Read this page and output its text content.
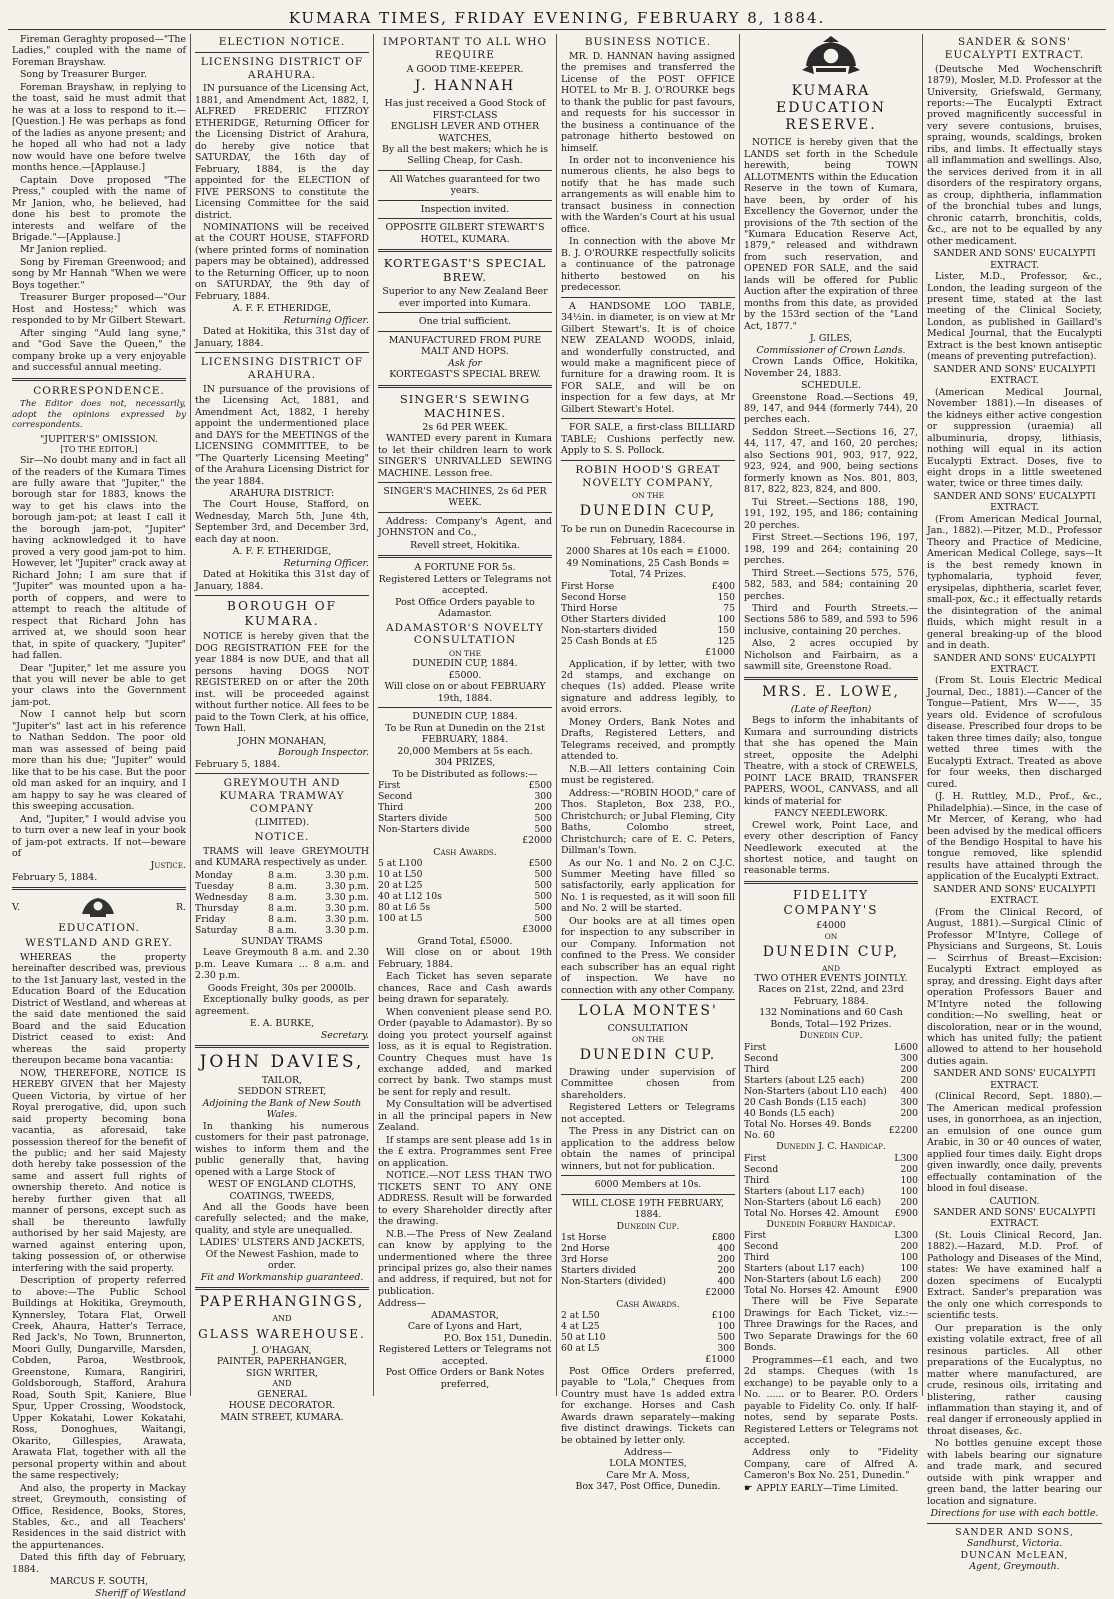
KUMARA TIMES, FRIDAY EVENING, FEBRUARY 8, 1884.

Fireman Geraghty proposed—"The Ladies," coupled with the name of Foreman Brayshaw.

Song by Treasurer Burger.

Foreman Brayshaw, in replying to the toast, said he must admit that he was at a loss to respond to it.—[Question.] He was perhaps as fond of the ladies as anyone present; and he hoped all who had not a lady now would have one before twelve months hence.—[Applause.]

Captain Dove proposed "The Press," coupled with the name of Mr Janion, who, he believed, had done his best to promote the interests and welfare of the Brigade."—[Applause.]

Mr Janion replied.

Song by Fireman Greenwood; and song by Mr Hannah "When we were Boys together."

Treasurer Burger proposed—"Our Host and Hostess;" which was responded to by Mr Gilbert Stewart.

After singing "Auld lang syne," and "God Save the Queen," the company broke up a very enjoyable and successful annual meeting.

CORRESPONDENCE.

The Editor does not, necessarily, adopt the opinions expressed by correspondents.

"JUPITER'S" OMISSION.
[TO THE EDITOR.]

Sir—No doubt many and in fact all of the readers of the Kumara Times are fully aware that "Jupiter," the borough star for 1883, knows the way to get his claws into the borough jam-pot; at least I call it the borough jam-pot, "Jupiter" having acknowledged it to have proved a very good jam-pot to him. However, let "Jupiter" crack away at Richard John; I am sure that if "Jupiter" was mounted upon a ha-porth of coppers, and were to attempt to reach the altitude of respect that Richard John has arrived at, we should soon hear that, in spite of quackery, "Jupiter" had fallen.

Dear "Jupiter," let me assure you that you will never be able to get your claws into the Government jam-pot.

Now I cannot help but scorn "Jupiter's" last act in his reference to Nathan Seddon. The poor old man was assessed of being paid more than his due; "Jupiter" would like that to be his case. But the poor old man asked for an inquiry, and I am happy to say he was cleared of this sweeping accusation.

And, "Jupiter," I would advise you to turn over a new leaf in your book of jam-pot extracts. If not—beware of

Justice.
February 5, 1884.
V.	R.
EDUCATION.
WESTLAND AND GREY.

WHEREAS the property hereinafter described was, previous to the 1st January last, vested in the Education Board of the Education District of Westland, and whereas at the said date mentioned the said Board and the said Education District ceased to exist: And whereas the said property thereupon became bona vacantia:

NOW, THEREFORE, NOTICE IS HEREBY GIVEN that her Majesty Queen Victoria, by virtue of her Royal prerogative, did, upon such said property becoming bona vacantia, as aforesaid, take possession thereof for the benefit of the public; and her said Majesty doth hereby take possession of the same and assert full rights of ownership thereto. And notice is hereby further given that all manner of persons, except such as shall be thereunto lawfully authorised by her said Majesty, are warned against entering upon, taking possession of, or otherwise interfering with the said property.

Description of property referred to above:—The Public School Buildings at Hokitika, Greymouth, Kynnersley, Totara Flat, Orwell Creek, Ahaura, Hatter's Terrace, Red Jack's, No Town, Brunnerton, Moori Gully, Dungarville, Marsden, Cobden, Paroa, Westbrook, Greenstone, Kumara, Rangiriri, Goldsborough, Stafford, Arahura Road, South Spit, Kaniere, Blue Spur, Upper Crossing, Woodstock, Upper Kokatahi, Lower Kokatahi, Ross, Donoghues, Waitangi, Okarito, Gillespies, Arawata, Arawata Flat, together with all the personal property within and about the same respectively;

And also, the property in Mackay street, Greymouth, consisting of Office, Residence, Books, Stores, Stables, &c., and all Teachers' Residences in the said district with the appurtenances.

Dated this fifth day of February, 1884.

MARCUS F. SOUTH,
Sheriff of Westland
ELECTION NOTICE.
LICENSING DISTRICT OF ARAHURA.

IN pursuance of the Licensing Act, 1881, and Amendment Act, 1882, I, ALFRED FREDERIC FITZROY ETHERIDGE, Returning Officer for the Licensing District of Arahura, do hereby give notice that SATURDAY, the 16th day of February, 1884, is the day appointed for the ELECTION of FIVE PERSONS to constitute the Licensing Committee for the said district.

NOMINATIONS will be received at the COURT HOUSE, STAFFORD (where printed forms of nomination papers may be obtained), addressed to the Returning Officer, up to noon on SATURDAY, the 9th day of February, 1884.

A. F. F. ETHERIDGE,
Returning Officer.

Dated at Hokitika, this 31st day of January, 1884.

LICENSING DISTRICT OF ARAHURA.

IN pursuance of the provisions of the Licensing Act, 1881, and Amendment Act, 1882, I hereby appoint the undermentioned place and DAYS for the MEETINGS of the LICENSING COMMITTEE, to be "The Quarterly Licensing Meeting" of the Arahura Licensing District for the year 1884.

ARAHURA DISTRICT:

The Court House, Stafford, on Wednesday, March 5th, June 4th, September 3rd, and December 3rd, each day at noon.

A. F. F. ETHERIDGE,
Returning Officer.

Dated at Hokitika this 31st day of January, 1884.

BOROUGH OF KUMARA.

NOTICE is hereby given that the DOG REGISTRATION FEE for the year 1884 is now DUE, and that all persons having DOGS NOT REGISTERED on or after the 20th inst. will be proceeded against without further notice. All fees to be paid to the Town Clerk, at his office, Town Hall.

JOHN MONAHAN,
Borough Inspector.
February 5, 1884.
GREYMOUTH AND KUMARA TRAMWAY COMPANY
(LIMITED).
NOTICE.

TRAMS will leave GREYMOUTH and KUMARA respectively as under.

Monday	8 a.m.	3.30 p.m.
Tuesday	8 a.m.	3.30 p.m.
Wednesday	8 a.m.	3.30 p.m.
Thursday	8 a.m.	3.30 p.m.
Friday	8 a.m.	3.30 p.m.
Saturday	8 a.m.	3.30 p.m.
SUNDAY TRAMS

Leave Greymouth 8 a.m. and 2.30 p.m. Leave Kumara ... 8 a.m. and 2.30 p.m.

Goods Freight, 30s per 2000lb.

Exceptionally bulky goods, as per agreement.

E. A. BURKE,
Secretary.
JOHN DAVIES,
TAILOR,
SEDDON STREET,
Adjoining the Bank of New South Wales.

In thanking his numerous customers for their past patronage, wishes to inform them and the public generally that, having opened with a Large Stock of

WEST OF ENGLAND CLOTHS, COATINGS, TWEEDS,

And all the Goods have been carefully selected; and the make, quality, and style are unequalled.

LADIES' ULSTERS AND JACKETS, Of the Newest Fashion, made to order.
Fit and Workmanship guaranteed.
PAPERHANGINGS,
AND
GLASS WAREHOUSE.
J. O'HAGAN,
PAINTER, PAPERHANGER,
SIGN WRITER,
AND
GENERAL
HOUSE DECORATOR.
MAIN STREET, KUMARA.
IMPORTANT TO ALL WHO REQUIRE
A GOOD TIME-KEEPER.
J. HANNAH
Has just received a Good Stock of
FIRST-CLASS
ENGLISH LEVER AND OTHER WATCHES,
By all the best makers; which he is Selling Cheap, for Cash.
All Watches guaranteed for two years.
Inspection invited.
OPPOSITE GILBERT STEWART'S HOTEL, KUMARA.
KORTEGAST'S SPECIAL BREW.
Superior to any New Zealand Beer ever imported into Kumara.
One trial sufficient.
MANUFACTURED FROM PURE MALT AND HOPS.
Ask for
KORTEGAST'S SPECIAL BREW.
SINGER'S SEWING MACHINES.
2s 6d PER WEEK.

WANTED every parent in Kumara to let their children learn to work SINGER'S UNRIVALLED SEWING MACHINE. Lesson free.

SINGER'S MACHINES, 2s 6d PER WEEK.

Address: Company's Agent, and JOHNSTON and Co.,

Revell street, Hokitika.
A FORTUNE FOR 5s.
Registered Letters or Telegrams not accepted.
Post Office Orders payable to Adamastor.
ADAMASTOR'S NOVELTY CONSULTATION
ON THE
DUNEDIN CUP, 1884.
£5000.
Will close on or about FEBRUARY 19th, 1884.
DUNEDIN CUP, 1884.
To be Run at Dunedin on the 21st FEBRUARY, 1884.
20,000 Members at 5s each.
304 PRIZES,
To be Distributed as follows:—
First	£500
Second	300
Third	200
Starters divide	500
Non-Starters divide	500
£2000
Cash Awards.
5 at L100	£500
10 at L50	500
20 at L25	500
40 at L12 10s	500
80 at L6 5s	500
100 at L5	500
£3000
Grand Total, £5000.

Will close on or about 19th February, 1884.

Each Ticket has seven separate chances, Race and Cash awards being drawn for separately.

When convenient please send P.O. Order (payable to Adamastor). By so doing you protect yourself against loss, as it is equal to Registration. Country Cheques must have 1s exchange added, and marked correct by bank. Two stamps must be sent for reply and result.

My Consultation will be advertised in all the principal papers in New Zealand.

If stamps are sent please add 1s in the £ extra. Programmes sent Free on application.

NOTICE.—NOT LESS THAN TWO TICKETS SENT TO ANY ONE ADDRESS. Result will be forwarded to every Shareholder directly after the drawing.

N.B.—The Press of New Zealand can know by applying to the undermentioned where the three principal prizes go, also their names and address, if required, but not for publication.

Address—
ADAMASTOR,
Care of Lyons and Hart,
P.O. Box 151, Dunedin.
Registered Letters or Telegrams not accepted.
Post Office Orders or Bank Notes preferred,
BUSINESS NOTICE.

MR. D. HANNAN having assigned the premises and transferred the License of the POST OFFICE HOTEL to Mr B. J. O'ROURKE begs to thank the public for past favours, and requests for his successor in the business a continuance of the patronage hitherto bestowed on himself.

In order not to inconvenience his numerous clients, he also begs to notify that he has made such arrangements as will enable him to transact business in connection with the Warden's Court at his usual office.

In connection with the above Mr B. J. O'ROURKE respectfully solicits a continuance of the patronage hitherto bestowed on his predecessor.

A HANDSOME LOO TABLE, 34½in. in diameter, is on view at Mr Gilbert Stewart's. It is of choice NEW ZEALAND WOODS, inlaid, and wonderfully constructed, and would make a magnificent piece of furniture for a drawing room. It is FOR SALE, and will be on inspection for a few days, at Mr Gilbert Stewart's Hotel.

FOR SALE, a first-class BILLIARD TABLE; Cushions perfectly new. Apply to S. S. Pollock.

ROBIN HOOD'S GREAT NOVELTY COMPANY,
ON THE
DUNEDIN CUP,
To be run on Dunedin Racecourse in February, 1884.
2000 Shares at 10s each = £1000.
49 Nominations, 25 Cash Bonds = Total, 74 Prizes.
First Horse	£400
Second Horse	150
Third Horse	75
Other Starters divided	100
Non-starters divided	150
25 Cash Bonds at £5	125
£1000

Application, if by letter, with two 2d stamps, and exchange on cheques (1s) added. Please write signature and address legibly, to avoid errors.

Money Orders, Bank Notes and Drafts, Registered Letters, and Telegrams received, and promptly attended to.

N.B.—All letters containing Coin must be registered.

Address:—"ROBIN HOOD," care of Thos. Stapleton, Box 238, P.O., Christchurch; or Jubal Fleming, City Baths, Colombo street, Christchurch; care of E. C. Peters, Dillman's Town.

As our No. 1 and No. 2 on C.J.C. Summer Meeting have filled so satisfactorily, early application for No. 1 is requested, as it will soon fill and No. 2 will be started.

Our books are at all times open for inspection to any subscriber in our Company. Information not confined to the Press. We consider each subscriber has an equal right of inspection. We have no connection with any other Company.

LOLA MONTES'
CONSULTATION
ON THE
DUNEDIN CUP.

Drawing under supervision of Committee chosen from shareholders.

Registered Letters or Telegrams not accepted.

The Press in any District can on application to the address below obtain the names of principal winners, but not for publication.

6000 Members at 10s.
WILL CLOSE 19TH FEBRUARY, 1884.
Dunedin Cup.
1st Horse	£800
2nd Horse	400
3rd Horse	200
Starters divided	200
Non-Starters (divided)	400
£2000
Cash Awards.
2 at L50	£100
4 at L25	100
50 at L10	500
60 at L5	300
£1000

Post Office Orders preferred, payable to "Lola," Cheques from Country must have 1s added extra for exchange. Horses and Cash Awards drawn separately—making five distinct drawings. Tickets can be obtained by letter only.

Address—
LOLA MONTES,
Care Mr A. Moss,
Box 347, Post Office, Dunedin.
KUMARA EDUCATION RESERVE.

NOTICE is hereby given that the LANDS set forth in the Schedule herewith, being TOWN ALLOTMENTS within the Education Reserve in the town of Kumara, have been, by order of his Excellency the Governor, under the provisions of the 7th section of the "Kumara Education Reserve Act, 1879," released and withdrawn from such reservation, and OPENED FOR SALE, and the said lands will be offered for Public Auction after the expiration of three months from this date, as provided by the 153rd section of the "Land Act, 1877."

J. GILES,
Commissioner of Crown Lands.

Crown Lands Office, Hokitika, November 24, 1883.

SCHEDULE.

Greenstone Road.—Sections 49, 89, 147, and 944 (formerly 744), 20 perches each.

Seddon Street.—Sections 16, 27, 44, 117, 47, and 160, 20 perches; also Sections 901, 903, 917, 922, 923, 924, and 900, being sections formerly known as Nos. 801, 803, 817, 822, 823, 824, and 800.

Tui Street.—Sections 188, 190, 191, 192, 195, and 186; containing 20 perches.

First Street.—Sections 196, 197, 198, 199 and 264; containing 20 perches.

Third Street.—Sections 575, 576, 582, 583, and 584; containing 20 perches.

Third and Fourth Streets.—Sections 586 to 589, and 593 to 596 inclusive, containing 20 perches.

Also, 2 acres occupied by Nicholson and Fairbairn, as a sawmill site, Greenstone Road.

MRS. E. LOWE,
(Late of Reefton)

Begs to inform the inhabitants of Kumara and surrounding districts that she has opened the Main street, opposite the Adelphi Theatre, with a stock of CREWELS, POINT LACE BRAID, TRANSFER PAPERS, WOOL, CANVASS, and all kinds of material for

FANCY NEEDLEWORK.

Crewel work, Point Lace, and every other description of Fancy Needlework executed at the shortest notice, and taught on reasonable terms.

FIDELITY COMPANY'S
£4000
ON
DUNEDIN CUP,
AND
TWO OTHER EVENTS JOINTLY.
Races on 21st, 22nd, and 23rd February, 1884.
132 Nominations and 60 Cash Bonds, Total—192 Prizes.
Dunedin Cup.
First	L600
Second	300
Third	200
Starters (about L25 each)	200
Non-Starters (about L10 each)	400
20 Cash Bonds (L15 each)	300
40 Bonds (L5 each)	200
Total No. Horses 49. Bonds No. 60	£2200
Dunedin J. C. Handicap.
First	L300
Second	200
Third	100
Starters (about L17 each)	100
Non-Starters (about L6 each)	200
Total No. Horses 42. Amount	£900
Dunedin Forbury Handicap.
First	L300
Second	200
Third	100
Starters (about L17 each)	100
Non-Starters (about L6 each)	200
Total No. Horses 42. Amount	£900

There will be Five Separate Drawings for Each Ticket, viz.:—Three Drawings for the Races, and Two Separate Drawings for the 60 Bonds.

Programmes—£1 each, and two 2d stamps. Cheques (with 1s exchange) to be payable only to a No. ...... or to Bearer. P.O. Orders payable to Fidelity Co. only. If half-notes, send by separate Posts. Registered Letters or Telegrams not accepted.

Address only to "Fidelity Company, care of Alfred A. Cameron's Box No. 251, Dunedin."

☛ APPLY EARLY—Time Limited.
SANDER & SONS' EUCALYPTI EXTRACT.

(Deutsche Med Wochenschrift 1879), Mosler, M.D. Professor at the University, Griefswald, Germany, reports:—The Eucalypti Extract proved magnificently successful in very severe contusions, bruises, spraing, wounds, scaldings, broken ribs, and limbs. It effectually stays all inflammation and swellings. Also, the services derived from it in all disorders of the respiratory organs, as croup, diphtheria, inflammation of the bronchial tubes and lungs, chronic catarrh, bronchitis, colds, &c., are not to be equalled by any other medicament.

SANDER AND SONS' EUCALYPTI EXTRACT.

Lister, M.D., Professor, &c., London, the leading surgeon of the present time, stated at the last meeting of the Clinical Society, London, as published in Gaillard's Medical Journal, that the Eucalypti Extract is the best known antiseptic (means of preventing putrefaction).

SANDER AND SONS' EUCALYPTI EXTRACT.

(American Medical Journal, November 1881).—In diseases of the kidneys either active congestion or suppression (uraemia) all albuminuria, dropsy, lithiasis, nothing will equal in its action Eucalypti Extract. Doses, five to eight drops in a little sweetened water, twice or three times daily.

SANDER AND SONS' EUCALYPTI EXTRACT.

(From American Medical Journal, Jan., 1882).—Pitzer, M.D., Professor Theory and Practice of Medicine, American Medical College, says—It is the best remedy known in typhomalaria, typhoid fever, erysipelas, diphtheria, scarlet fever, small-pox, &c.; it effectually retards the disintegration of the animal fluids, which might result in a general breaking-up of the blood and in death.

SANDER AND SONS' EUCALYPTI EXTRACT.

(From St. Louis Electric Medical Journal, Dec., 1881).—Cancer of the Tongue—Patient, Mrs W——, 35 years old. Evidence of scrofulous disease. Prescribed four drops to be taken three times daily; also, tongue wetted three times with the Eucalypti Extract. Treated as above for four weeks, then discharged cured.

(J. H. Ruttley, M.D., Prof., &c., Philadelphia).—Since, in the case of Mr Mercer, of Kerang, who had been advised by the medical officers of the Bendigo Hospital to have his tongue removed, like splendid results have attained through the application of the Eucalypti Extract.

SANDER AND SONS' EUCALYPTI EXTRACT.

(From the Clinical Record, of August, 1881).—Surgical Clinic of Professor M'Intyre, College of Physicians and Surgeons, St. Louis — Scirrhus of Breast—Excision: Eucalypti Extract employed as spray, and dressing. Eight days after operation Professors Bauer and M'Intyre noted the following condition:—No swelling, heat or discoloration, near or in the wound, which has united fully; the patient allowed to attend to her household duties again.

SANDER AND SONS' EUCALYPTI EXTRACT.

(Clinical Record, Sept. 1880).—The American medical profession uses, in gonorrhoea, as an injection, an emulsion of one ounce gum Arabic, in 30 or 40 ounces of water, applied four times daily. Eight drops given inwardly, once daily, prevents effectually contamination of the blood in foul disease.

CAUTION.
SANDER AND SONS' EUCALYPTI EXTRACT.

(St. Louis Clinical Record, Jan. 1882).—Hazard, M.D. Prof. of Pathology and Diseases of the Mind, states: We have examined half a dozen specimens of Eucalypti Extract. Sander's preparation was the only one which corresponds to scientific tests.

Our preparation is the only existing volatile extract, free of all resinous particles. All other preparations of the Eucalyptus, no matter where manufactured, are crude, resinous oils, irritating and blistering, rather causing inflammation than staying it, and of real danger if erroneously applied in throat diseases, &c.

No bottles genuine except those with labels bearing our signature and trade mark, and secured outside with pink wrapper and green band, the latter bearing our location and signature.

Directions for use with each bottle.
SANDER AND SONS,
Sandhurst, Victoria.
DUNCAN McLEAN,
Agent, Greymouth.
